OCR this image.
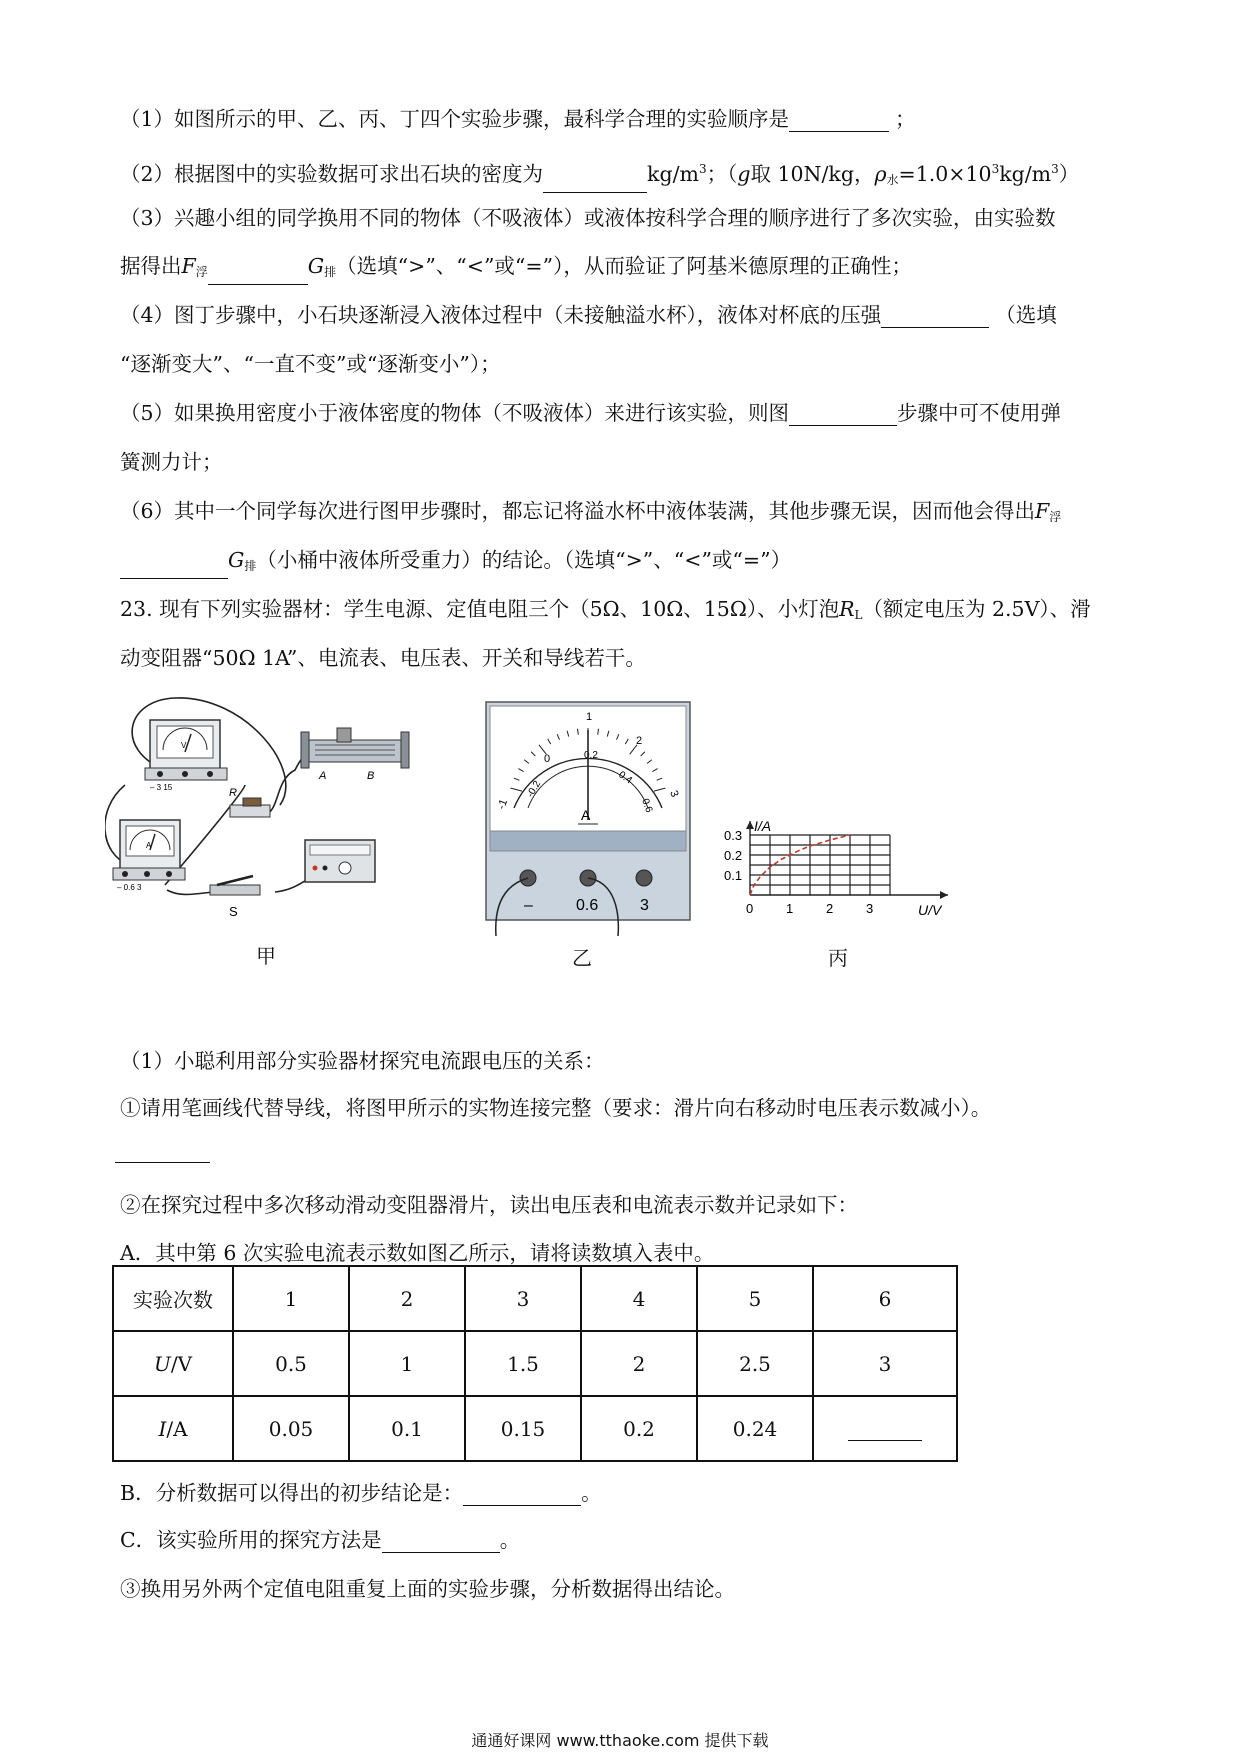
（1）如图所示的甲、乙、丙、丁四个实验步骤，最科学合理的实验顺序是	；
（2）根据图中的实验数据可求出石块的密度为	$kg/m^3$；（g取 10N/kg，$\rho_水=1.0\times 10^3kg/m^3$）
（3）兴趣小组的同学换用不同的物体（不吸液体）或液体按科学合理的顺序进行了多次实验，由实验数
据得出$F_浮$	$G_排$（选填“>”、“<”或“=”），从而验证了阿基米德原理的正确性；
（4）图丁步骤中，小石块逐渐浸入液体过程中（未接触溢水杯），液体对杯底的压强	（选填
“逐渐变大”、“一直不变”或“逐渐变小”）；
（5）如果换用密度小于液体密度的物体（不吸液体）来进行该实验，则图	步骤中可不使用弹
簧测力计；
（6）其中一个同学每次进行图甲步骤时，都忘记将溢水杯中液体装满，其他步骤无误，因而他会得出$F_浮$
$G_排$（小桶中液体所受重力）的结论。（选填“>”、“<”或“=”）
23. 现有下列实验器材：学生电源、定值电阻三个（5Ω、10Ω、15Ω）、小灯泡$R_L$（额定电压为 2.5V）、滑
动变阻器“50Ω 1A”、电流表、电压表、开关和导线若干。
V
– 3 15
A	B
R
A
– 0.6 3
S
甲
-1
-0.2
0	0.2
1
0.4
2
0.6
3
A
–	0.6	3
乙
0	1	2	3
0.1
0.2
0.3
U/V
I/A
丙
（1）小聪利用部分实验器材探究电流跟电压的关系：
①请用笔画线代替导线，将图甲所示的实物连接完整（要求：滑片向右移动时电压表示数减小）。
②在探究过程中多次移动滑动变阻器滑片，读出电压表和电流表示数并记录如下：
A．其中第 6 次实验电流表示数如图乙所示，请将读数填入表中。
实验次数	1	2	3	4	5	6
U/V	0.5	1	1.5	2	2.5	3
I/A	0.05	0.1	0.15	0.2	0.24	
B．分析数据可以得出的初步结论是：	。
C．该实验所用的探究方法是	。
③换用另外两个定值电阻重复上面的实验步骤，分析数据得出结论。
通通好课网 www.tthaoke.com 提供下载
